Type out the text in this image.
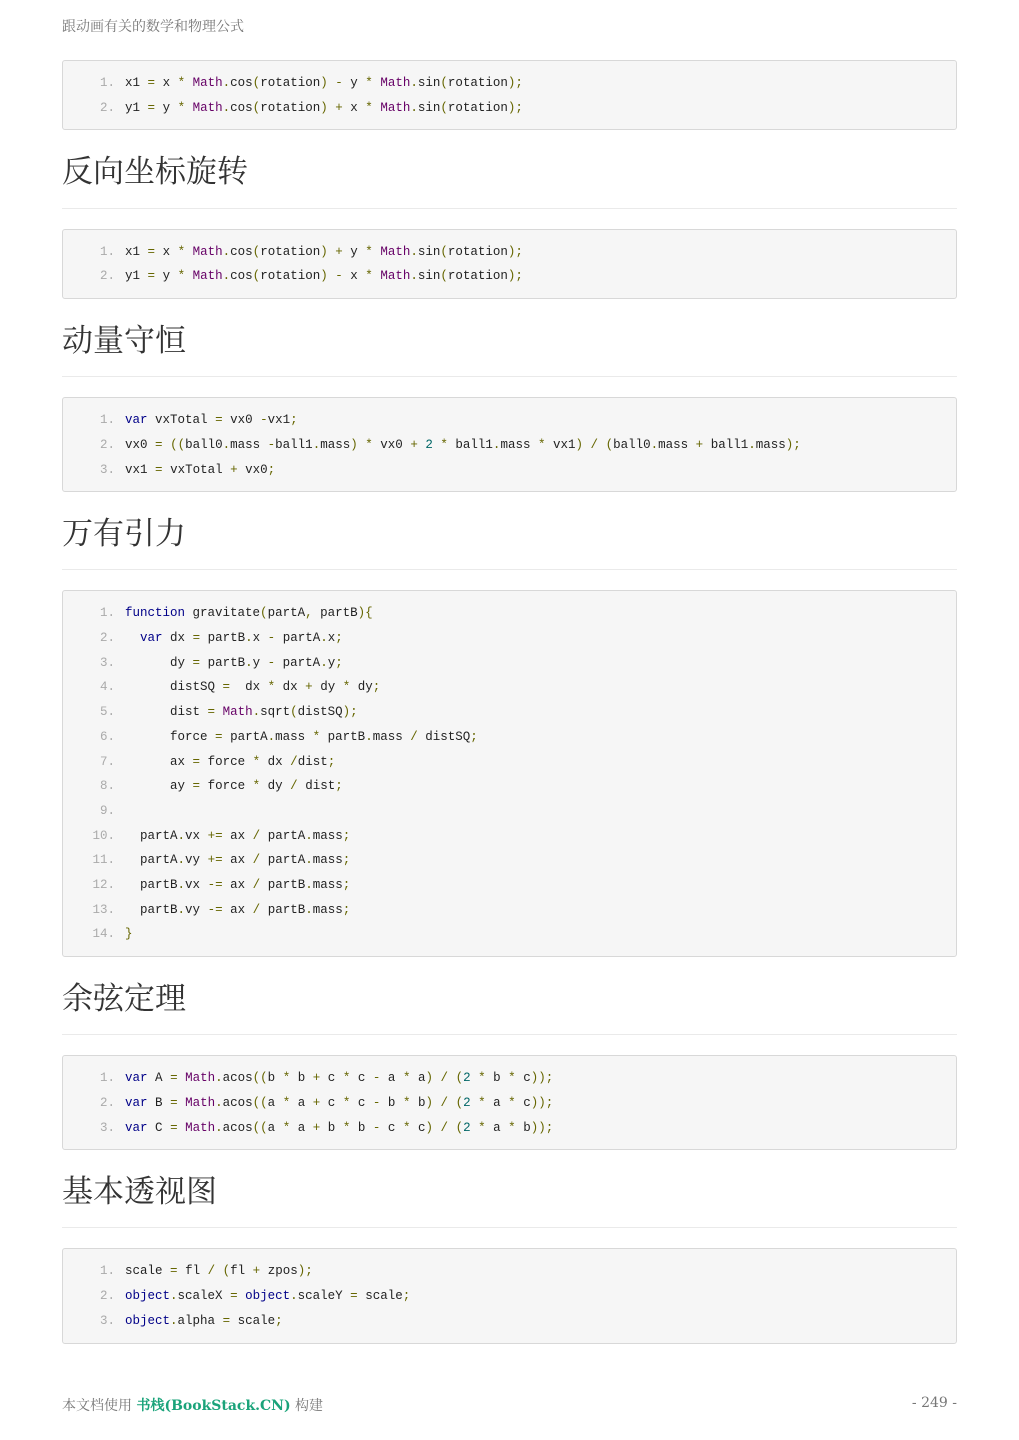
跟动画有关的数学和物理公式
1. x1 = x * Math.cos(rotation) - y * Math.sin(rotation);
2. y1 = y * Math.cos(rotation) + x * Math.sin(rotation);
反向坐标旋转
1. x1 = x * Math.cos(rotation) + y * Math.sin(rotation);
2. y1 = y * Math.cos(rotation) - x * Math.sin(rotation);
动量守恒
1. var vxTotal = vx0 -vx1;
2. vx0 = ((ball0.mass -ball1.mass) * vx0 + 2 * ball1.mass * vx1) / (ball0.mass + ball1.mass);
3. vx1 = vxTotal + vx0;
万有引力
1. function gravitate(partA, partB){
2.	var dx = partB.x - partA.x;
3.	dy = partB.y - partA.y;
4.	distSQ = dx * dx + dy * dy;
5.	dist = Math.sqrt(distSQ);
6.	force = partA.mass * partB.mass / distSQ;
7.	ax = force * dx /dist;
8.	ay = force * dy / dist;
9.
10.	partA.vx += ax / partA.mass;
11.	partA.vy += ax / partA.mass;
12.	partB.vx -= ax / partB.mass;
13.	partB.vy -= ax / partB.mass;
14. }
余弦定理
1. var A = Math.acos((b * b + c * c - a * a) / (2 * b * c));
2. var B = Math.acos((a * a + c * c - b * b) / (2 * a * c));
3. var C = Math.acos((a * a + b * b - c * c) / (2 * a * b));
基本透视图
1. scale = fl / (fl + zpos);
2. object.scaleX = object.scaleY = scale;
3. object.alpha = scale;
本文档使用 书栈(BookStack.CN) 构建	- 249 -
